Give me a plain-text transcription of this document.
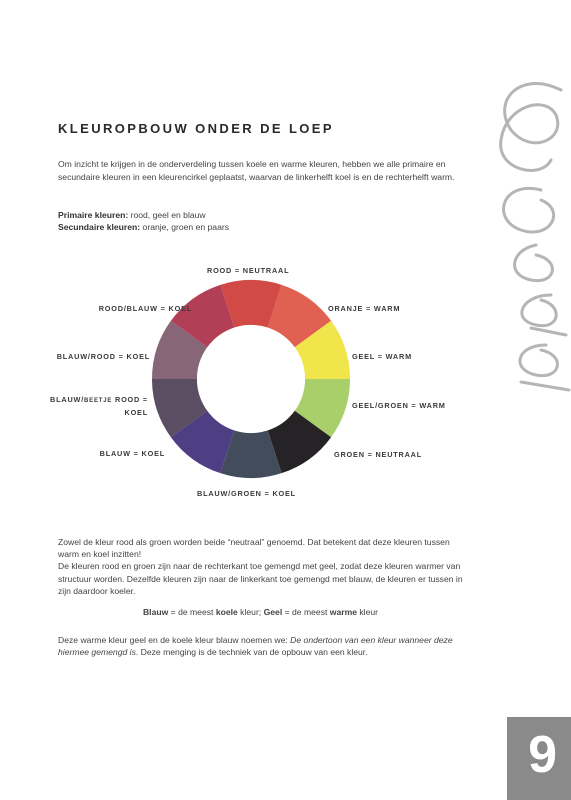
KLEUROPBOUW ONDER DE LOEP
Om inzicht te krijgen in de onderverdeling tussen koele en warme kleuren, hebben we alle primaire en secundaire kleuren in een kleurencirkel geplaatst, waarvan de linkerhelft koel is en de rechterhelft warm.
Primaire kleuren: rood, geel en blauw
Secundaire kleuren: oranje, groen en paars
ROOD = NEUTRAAL
ORANJE = WARM
GEEL = WARM
GEEL/GROEN = WARM
GROEN = NEUTRAAL
BLAUW/GROEN = KOEL
BLAUW = KOEL
BLAUW/BEETJE ROOD =
KOEL
BLAUW/ROOD = KOEL
ROOD/BLAUW = KOEL

Zowel de kleur rood als groen worden beide “neutraal” genoemd. Dat betekent dat deze kleuren tussen warm en koel inzitten!

De kleuren rood en groen zijn naar de rechterkant toe gemengd met geel, zodat deze kleuren warmer van structuur worden. Dezelfde kleuren zijn naar de linkerkant toe gemengd met blauw, de kleuren er tussen in zijn daardoor koeler.

Blauw = de meest koele kleur; Geel = de meest warme kleur
Deze warme kleur geel en de koele kleur blauw noemen we: De ondertoon van een kleur wanneer deze hiermee gemengd is. Deze menging is de techniek van de opbouw van een kleur.
9
